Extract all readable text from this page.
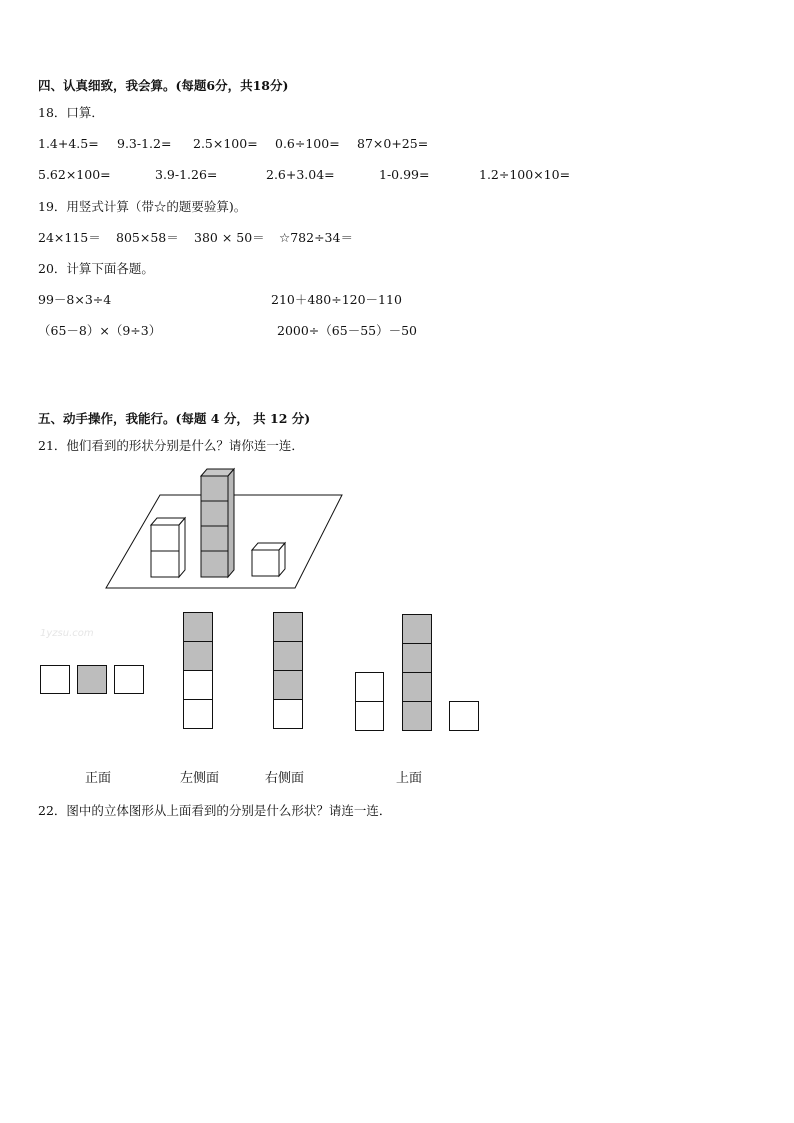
四、认真细致，我会算。(每题6分，共18分)
18．口算．
1.4+4.5= 9.3-1.2= 2.5×100= 0.6÷100= 87×0+25=
5.62×100=	3.9-1.26=	2.6+3.04=	1-0.99=	1.2÷100×10=
19．用竖式计算（带☆的题要验算)。
24×115＝ 805×58＝ 380 × 50＝ ☆782÷34＝
20．计算下面各题。
99－8×3÷4	210＋480÷120－110
（65－8）×（9÷3）	2000÷（65－55）－50
五、动手操作，我能行。(每题 4 分， 共 12 分)
21．他们看到的形状分别是什么？请你连一连．
1yzsu.com
正面	左侧面	右侧面	上面
22．图中的立体图形从上面看到的分别是什么形状？请连一连．
